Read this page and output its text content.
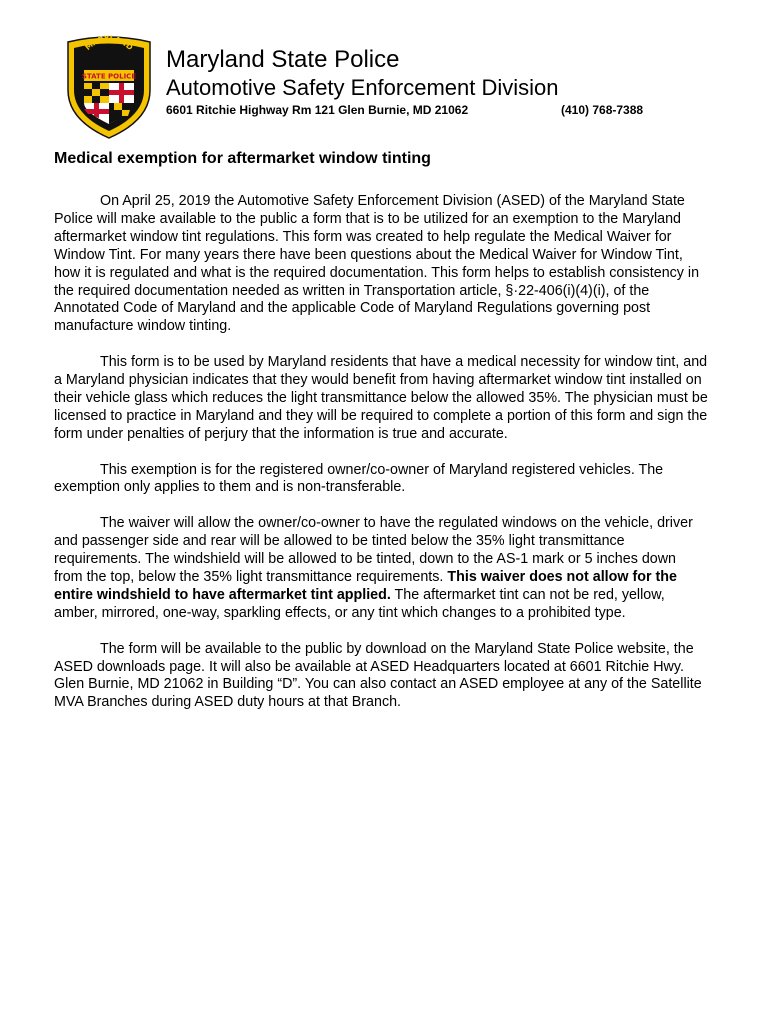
MARYLAND
STATE POLICE
Maryland State Police
Automotive Safety Enforcement Division
6601 Ritchie Highway Rm 121 Glen Burnie, MD 21062	(410) 768-7388
Medical exemption for aftermarket window tinting

On April 25, 2019 the Automotive Safety Enforcement Division (ASED) of the Maryland State Police will make available to the public a form that is to be utilized for an exemption to the Maryland aftermarket window tint regulations. This form was created to help regulate the Medical Waiver for Window Tint. For many years there have been questions about the Medical Waiver for Window Tint, how it is regulated and what is the required documentation. This form helps to establish consistency in the required documentation needed as written in Transportation article, §·22-406(i)(4)(i), of the Annotated Code of Maryland and the applicable Code of Maryland Regulations governing post manufacture window tinting.

This form is to be used by Maryland residents that have a medical necessity for window tint, and a Maryland physician indicates that they would benefit from having aftermarket window tint installed on their vehicle glass which reduces the light transmittance below the allowed 35%. The physician must be licensed to practice in Maryland and they will be required to complete a portion of this form and sign the form under penalties of perjury that the information is true and accurate.

This exemption is for the registered owner/co-owner of Maryland registered vehicles. The exemption only applies to them and is non-transferable.

The waiver will allow the owner/co-owner to have the regulated windows on the vehicle, driver and passenger side and rear will be allowed to be tinted below the 35% light transmittance requirements. The windshield will be allowed to be tinted, down to the AS-1 mark or 5 inches down from the top, below the 35% light transmittance requirements. This waiver does not allow for the entire windshield to have aftermarket tint applied. The aftermarket tint can not be red, yellow, amber, mirrored, one-way, sparkling effects, or any tint which changes to a prohibited type.

The form will be available to the public by download on the Maryland State Police website, the ASED downloads page. It will also be available at ASED Headquarters located at 6601 Ritchie Hwy. Glen Burnie, MD 21062 in Building “D”. You can also contact an ASED employee at any of the Satellite MVA Branches during ASED duty hours at that Branch.
